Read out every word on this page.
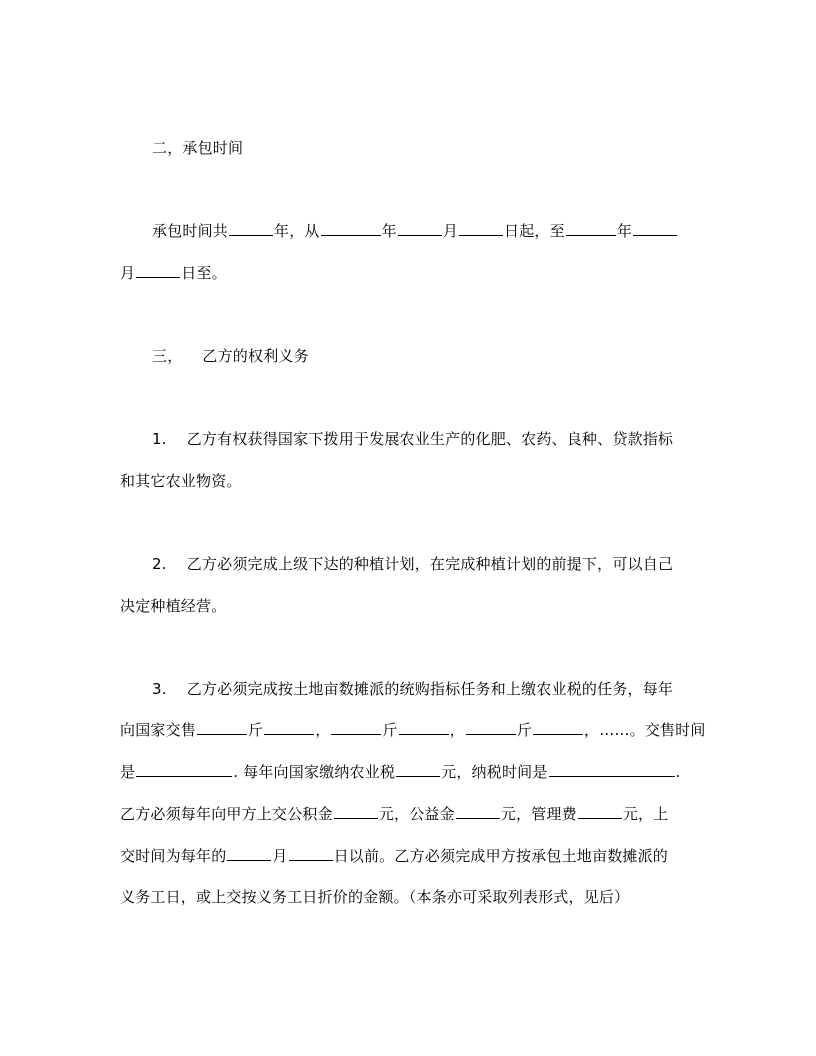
二，承包时间
承包时间共	年，从	年	月	日起，至	年
月	日至。
三， 乙方的权利义务
1. 乙方有权获得国家下拨用于发展农业生产的化肥、农药、良种、贷款指标
和其它农业物资。
2. 乙方必须完成上级下达的种植计划，在完成种植计划的前提下，可以自己
决定种植经营。
3. 乙方必须完成按土地亩数摊派的统购指标任务和上缴农业税的任务，每年
向国家交售	斤	，	斤	，	斤	，……。交售时间
是	. 每年向国家缴纳农业税	元，纳税时间是	.
乙方必须每年向甲方上交公积金	元，公益金	元，管理费	元，上
交时间为每年的	月	日以前。乙方必须完成甲方按承包土地亩数摊派的
义务工日，或上交按义务工日折价的金额。（本条亦可采取列表形式，见后）
